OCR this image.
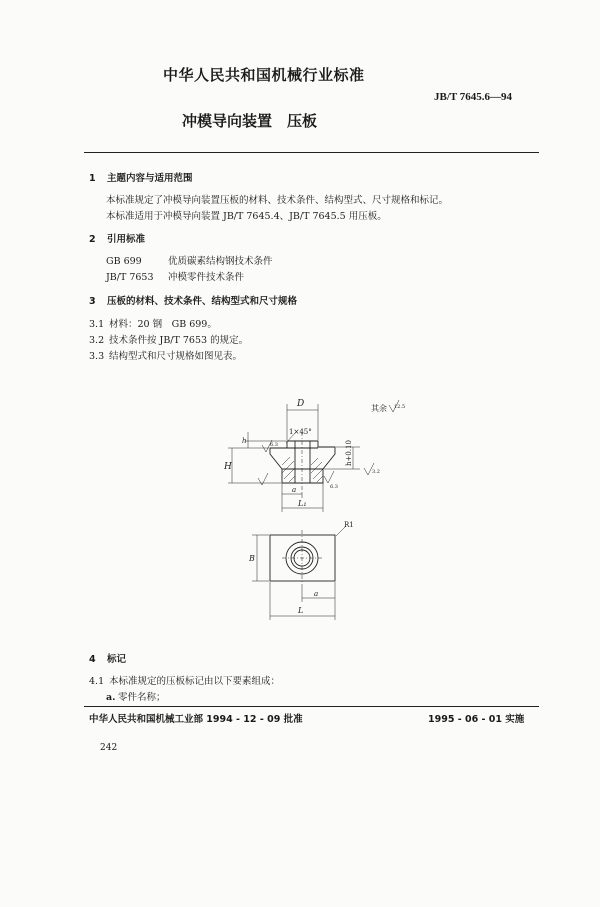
中华人民共和国机械行业标准
JB/T 7645.6—94
冲模导向装置　压板
1 主题内容与适用范围
本标准规定了冲模导向装置压板的材料、技术条件、结构型式、尺寸规格和标记。
本标准适用于冲模导向装置 JB/T 7645.4、JB/T 7645.5 用压板。
2 引用标准
GB 699	优质碳素结构钢技术条件
JB/T 7653 冲模零件技术条件
3 压板的材料、技术条件、结构型式和尺寸规格
3.1 材料：20 钢　GB 699。
3.2 技术条件按 JB/T 7653 的规定。
3.3 结构型式和尺寸规格如图见表。
其余 12.5
D
1×45°
H
h	6.3	h+0.10
3.2
6.3
a
L₁
R1
B
a
L
4 标记
4.1 本标准规定的压板标记由以下要素组成：
a. 零件名称；
中华人民共和国机械工业部 1994 - 12 - 09 批准	1995 - 06 - 01 实施
242
